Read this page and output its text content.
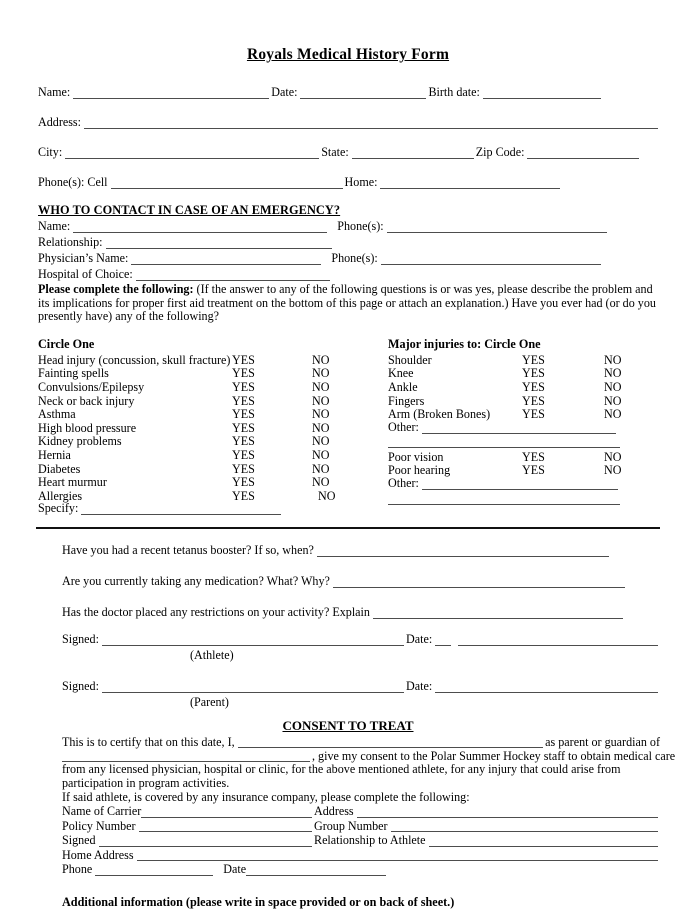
Royals Medical History Form
Name:	Date:	Birth date:
Address:
City:	State:	Zip Code:
Phone(s): Cell	Home:
WHO TO CONTACT IN CASE OF AN EMERGENCY?
Name:	Phone(s):
Relationship:
Physician’s Name:	Phone(s):
Hospital of Choice:

Please complete the following: (If the answer to any of the following questions is or was yes, please describe the problem and its implications for proper first aid treatment on the bottom of this page or attach an explanation.) Have you ever had (or do you presently have) any of the following?

Circle One
Head injury (concussion, skull fracture) YES	NO
Fainting spells	YES	NO
Convulsions/Epilepsy	YES	NO
Neck or back injury	YES	NO
Asthma	YES	NO
High blood pressure	YES	NO
Kidney problems	YES	NO
Hernia	YES	NO
Diabetes	YES	NO
Heart murmur	YES	NO
Allergies	YES	NO
Specify:
Major injuries to: Circle One
Shoulder	YES	NO
Knee	YES	NO
Ankle	YES	NO
Fingers	YES	NO
Arm (Broken Bones)	YES	NO
Other:
Poor vision	YES	NO
Poor hearing	YES	NO
Other:
Have you had a recent tetanus booster? If so, when?
Are you currently taking any medication? What? Why?
Has the doctor placed any restrictions on your activity? Explain
Signed:	Date:
(Athlete)
Signed:	Date:
(Parent)
CONSENT TO TREAT
This is to certify that on this date, I,	as parent or guardian of
, give my consent to the Polar Summer Hockey staff to obtain medical care
from any licensed physician, hospital or clinic, for the above mentioned athlete, for any injury that could arise from
participation in program activities.
If said athlete, is covered by any insurance company, please complete the following:
Name of Carrier	Address
Policy Number	Group Number
Signed	Relationship to Athlete
Home Address
Phone	Date
Additional information (please write in space provided or on back of sheet.)
